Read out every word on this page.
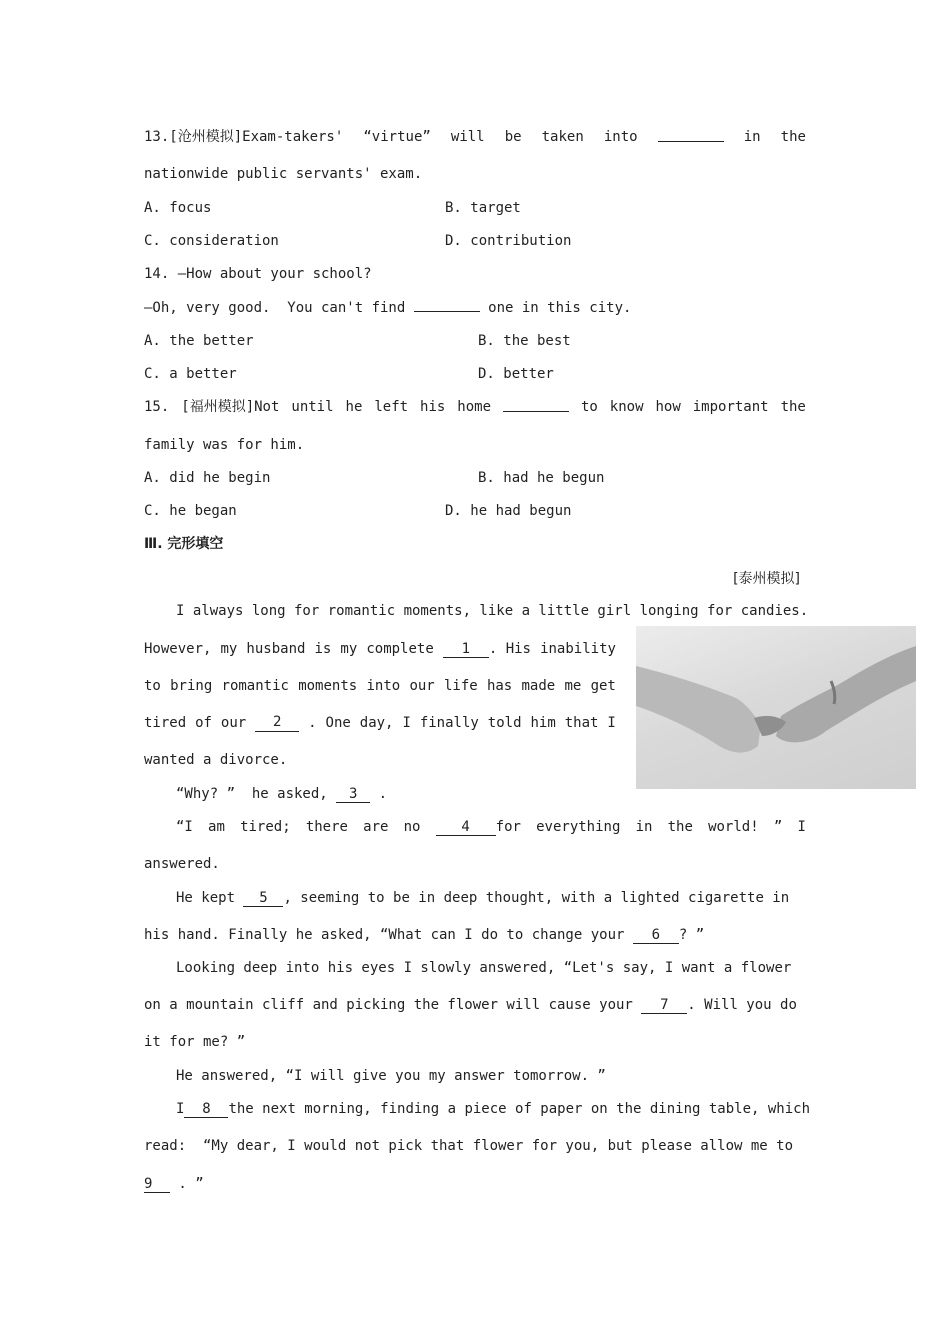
13.[沧州模拟]Exam-takers' “virtue” will be taken into	in the
nationwide public servants' exam.
A. focus	B. target
C. consideration	D. contribution
14. —How about your school?
—Oh, very good.  You can't find	one in this city.
A. the better	B. the best
C. a better	D. better
15. [福州模拟]Not until he left his home	to know how important the
family was for him.
A. did he begin	B. had he begun
C. he began	D. he had begun
Ⅲ. 完形填空
[泰州模拟]
I always long for romantic moments, like a little girl longing for candies.
However, my husband is my complete	1 . His inability
to bring romantic moments into our life has made me get
tired of our	2	. One day, I finally told him that I
wanted a divorce.
“Why? ”  he asked, 3 .
“I am tired; there are no	4 for everything in the world! ” I
answered.
He kept 5 , seeming to be in deep thought, with a lighted cigarette in
his hand. Finally he asked, “What can I do to change your 6 ? ”
Looking deep into his eyes I slowly answered, “Let's say, I want a flower
on a mountain cliff and picking the flower will cause your 7 . Will you do
it for me? ”
He answered, “I will give you my answer tomorrow. ”
I 8 the next morning, finding a piece of paper on the dining table, which
read:  “My dear, I would not pick that flower for you, but please allow me to
9 . ”
